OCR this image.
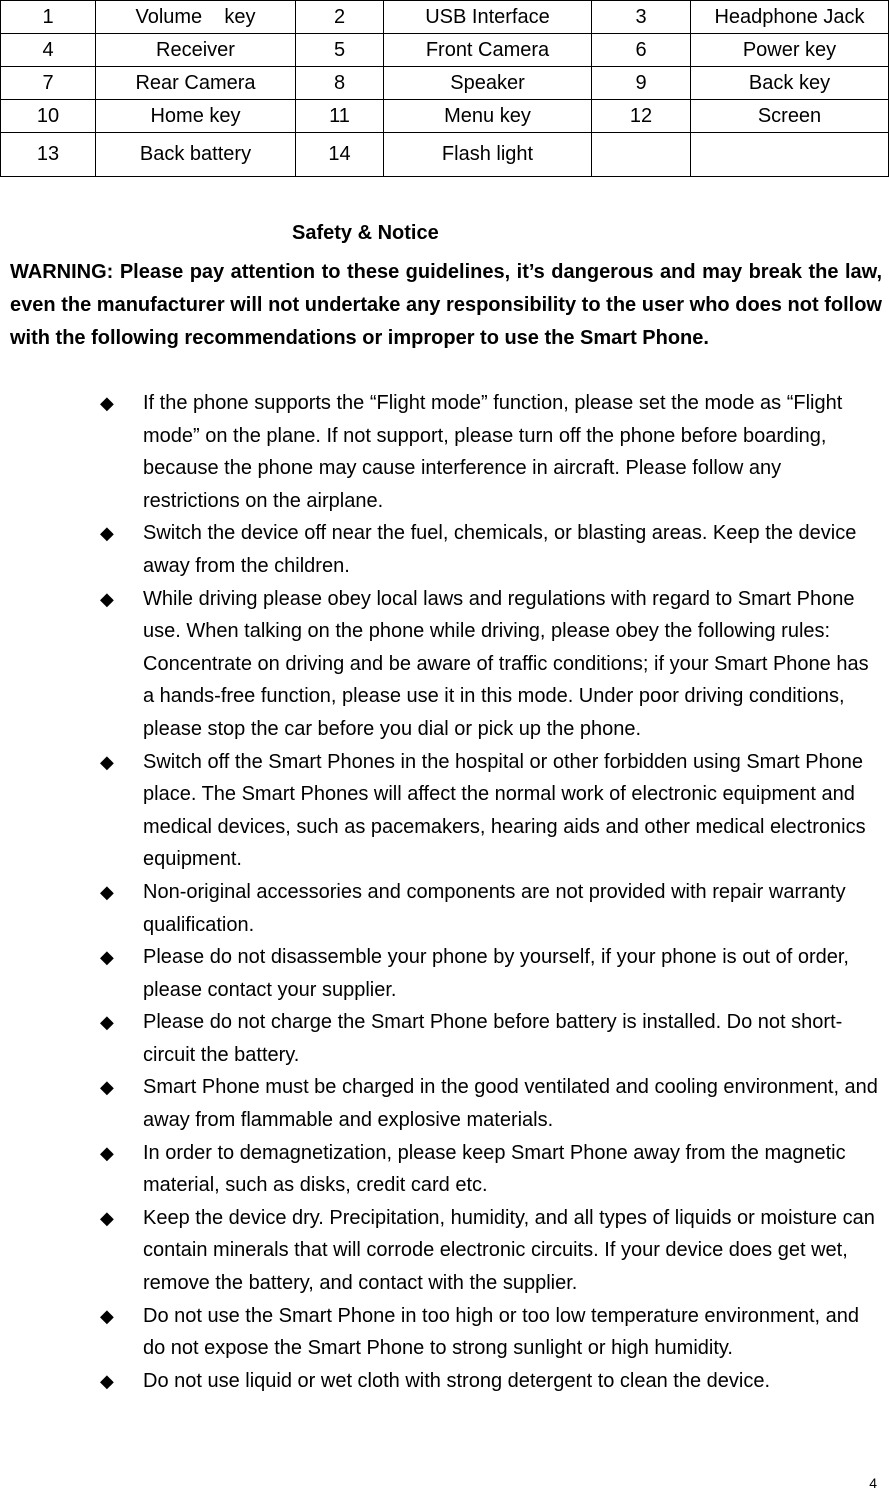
1	Volume    key	2	USB Interface	3	Headphone Jack
4	Receiver	5	Front Camera	6	Power key
7	Rear Camera	8	Speaker	9	Back key
10	Home key	11	Menu key	12	Screen
13	Back battery	14	Flash light		
Safety & Notice
WARNING: Please pay attention to these guidelines, it’s dangerous and may break the law, even the manufacturer will not undertake any responsibility to the user who does not follow with the following recommendations or improper to use the Smart Phone.
◆ If the phone supports the “Flight mode” function, please set the mode as “Flight mode” on the plane. If not support, please turn off the phone before boarding, because the phone may cause interference in aircraft. Please follow any restrictions on the airplane.
◆ Switch the device off near the fuel, chemicals, or blasting areas. Keep the device away from the children.
◆ While driving please obey local laws and regulations with regard to Smart Phone use. When talking on the phone while driving, please obey the following rules: Concentrate on driving and be aware of traffic conditions; if your Smart Phone has a hands-free function, please use it in this mode. Under poor driving conditions, please stop the car before you dial or pick up the phone.
◆ Switch off the Smart Phones in the hospital or other forbidden using Smart Phone place. The Smart Phones will affect the normal work of electronic equipment and medical devices, such as pacemakers, hearing aids and other medical electronics equipment.
◆ Non-original accessories and components are not provided with repair warranty qualification.
◆ Please do not disassemble your phone by yourself, if your phone is out of order, please contact your supplier.
◆ Please do not charge the Smart Phone before battery is installed. Do not short-circuit the battery.
◆ Smart Phone must be charged in the good ventilated and cooling environment, and away from flammable and explosive materials.
◆ In order to demagnetization, please keep Smart Phone away from the magnetic material, such as disks, credit card etc.
◆ Keep the device dry. Precipitation, humidity, and all types of liquids or moisture can contain minerals that will corrode electronic circuits. If your device does get wet, remove the battery, and contact with the supplier.
◆ Do not use the Smart Phone in too high or too low temperature environment, and do not expose the Smart Phone to strong sunlight or high humidity.
◆ Do not use liquid or wet cloth with strong detergent to clean the device.
4
